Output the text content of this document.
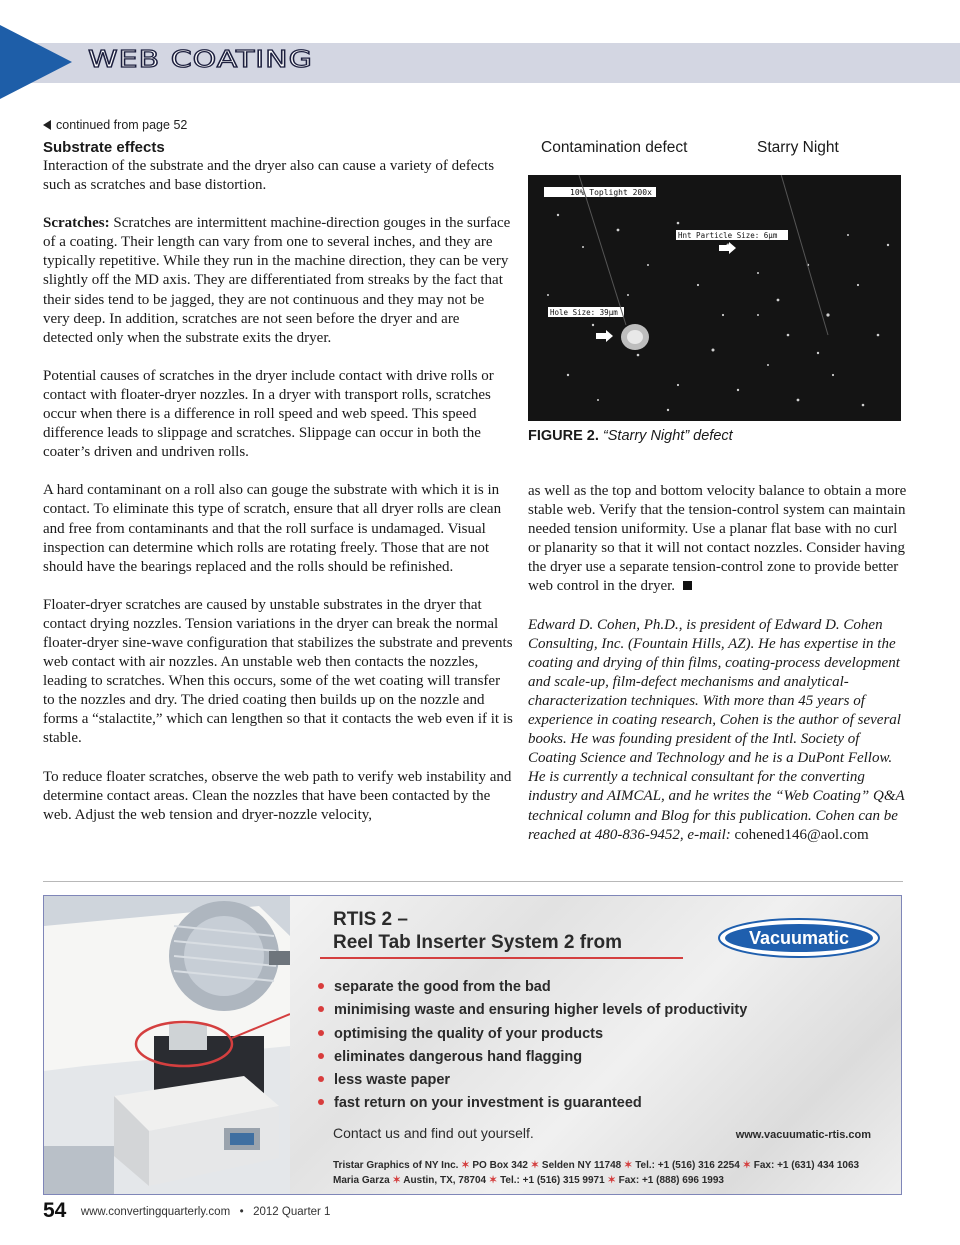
WEB COATING
continued from page 52
Substrate effects

Interaction of the substrate and the dryer also can cause a variety of defects such as scratches and base distortion.

Scratches: Scratches are intermittent machine-direction gouges in the surface of a coating. Their length can vary from one to several inches, and they are typically repetitive. While they run in the machine direction, they can be very slightly off the MD axis. They are differentiated from streaks by the fact that their sides tend to be jagged, they are not continuous and they may not be very deep. In addition, scratches are not seen before the dryer and are detected only when the substrate exits the dryer.

Potential causes of scratches in the dryer include contact with drive rolls or contact with floater-dryer nozzles. In a dryer with transport rolls, scratches occur when there is a difference in roll speed and web speed. This speed difference leads to slippage and scratches. Slippage can occur in both the coater’s driven and undriven rolls.

A hard contaminant on a roll also can gouge the substrate with which it is in contact. To eliminate this type of scratch, ensure that all dryer rolls are clean and free from contaminants and that the roll surface is undamaged. Visual inspection can determine which rolls are rotating freely. Those that are not should have the bearings replaced and the rolls should be refinished.

Floater-dryer scratches are caused by unstable substrates in the dryer that contact drying nozzles. Tension variations in the dryer can break the normal floater-dryer sine-wave configuration that stabilizes the substrate and prevents web contact with air nozzles. An unstable web then contacts the nozzles, leading to scratches. When this occurs, some of the wet coating will transfer to the nozzles and dry. The dried coating then builds up on the nozzle and forms a “stalactite,” which can lengthen so that it contacts the web even if it is stable.

To reduce floater scratches, observe the web path to verify web instability and determine contact areas. Clean the nozzles that have been contacted by the web. Adjust the web tension and dryer-nozzle velocity,

Contamination defect	Starry Night
10% Toplight 200x
Hnt Particle Size: 6μm
Hole Size: 39μm
FIGURE 2. “Starry Night” defect

as well as the top and bottom velocity balance to obtain a more stable web. Verify that the tension-control system can maintain needed tension uniformity. Use a planar flat base with no curl or planarity so that it will not contact nozzles. Consider having the dryer use a separate tension-control zone to provide better web control in the dryer.

Edward D. Cohen, Ph.D., is president of Edward D. Cohen Consulting, Inc. (Fountain Hills, AZ). He has expertise in the coating and drying of thin films, coating-process development and scale-up, film-defect mechanisms and analytical-characterization techniques. With more than 45 years of experience in coating research, Cohen is the author of several books. He was founding president of the Intl. Society of Coating Science and Technology and he is a DuPont Fellow. He is currently a technical consultant for the converting industry and AIMCAL, and he writes the “Web Coating” Q&A technical column and Blog for this publication. Cohen can be reached at 480-836-9452, e-mail: cohened146@aol.com

RTIS 2 –
Reel Tab Inserter System 2 from	Vacuumatic
separate the good from the bad
minimising waste and ensuring higher levels of productivity
optimising the quality of your products
eliminates dangerous hand flagging
less waste paper
fast return on your investment is guaranteed
Contact us and find out yourself.	www.vacuumatic-rtis.com
Tristar Graphics of NY Inc. ✶ PO Box 342 ✶ Selden NY 11748 ✶ Tel.: +1 (516) 316 2254 ✶ Fax: +1 (631) 434 1063
Maria Garza ✶ Austin, TX, 78704 ✶ Tel.: +1 (516) 315 9971 ✶ Fax: +1 (888) 696 1993
54 www.convertingquarterly.com • 2012 Quarter 1
